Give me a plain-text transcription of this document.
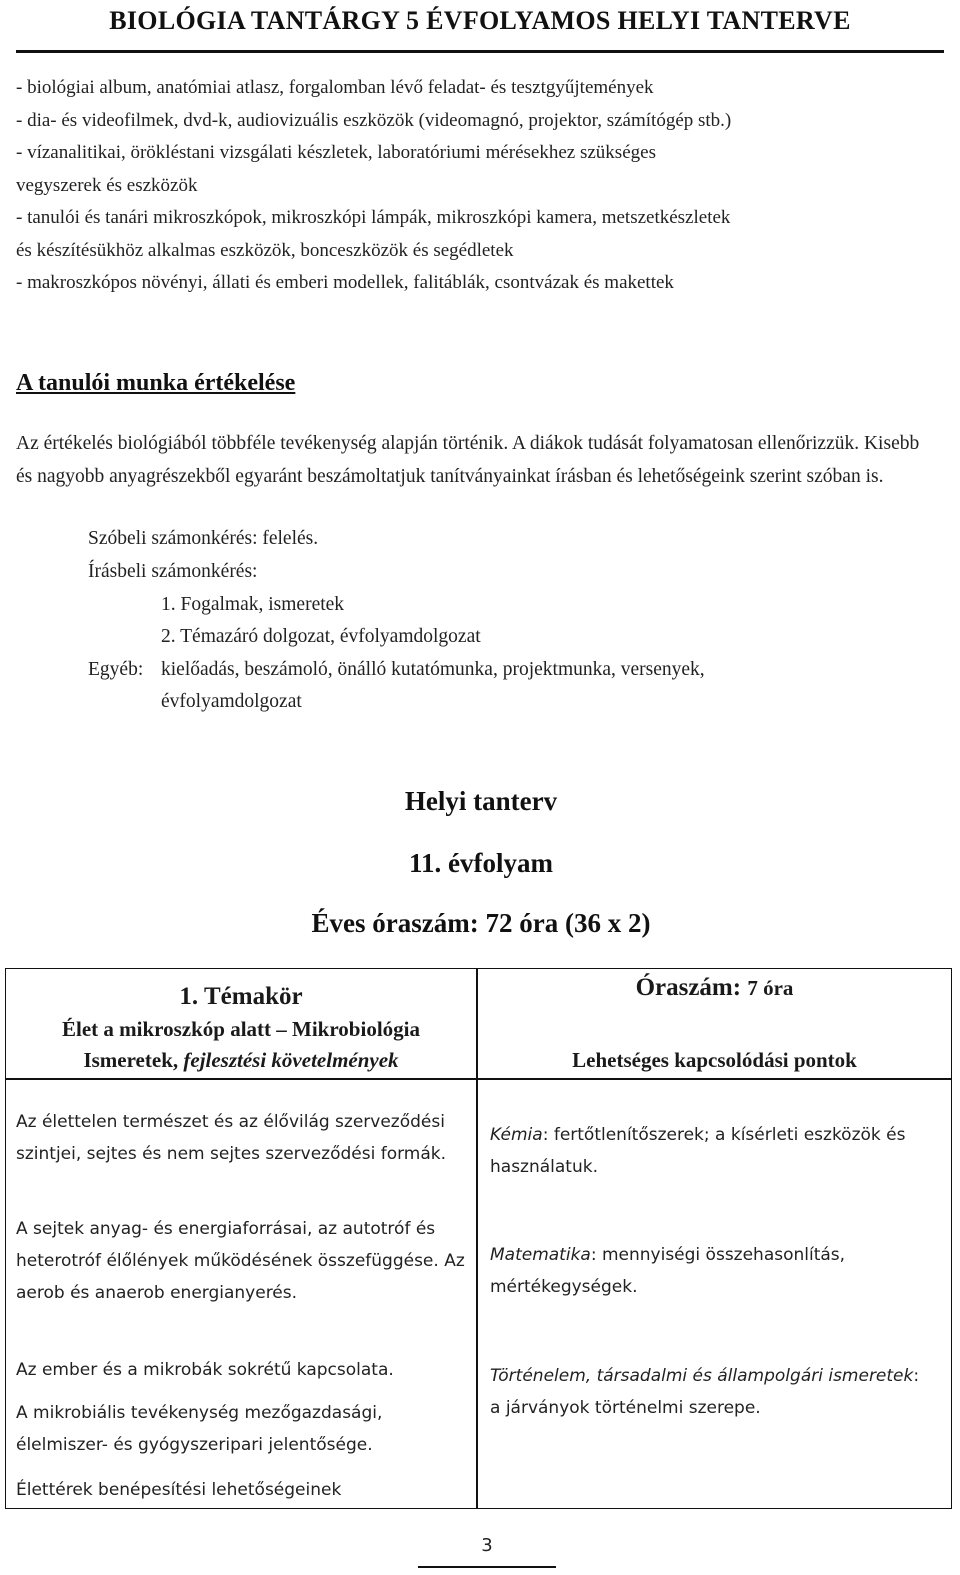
BIOLÓGIA TANTÁRGY 5 ÉVFOLYAMOS HELYI TANTERVE
- biológiai album, anatómiai atlasz, forgalomban lévő feladat- és tesztgyűjtemények
- dia- és videofilmek, dvd-k, audiovizuális eszközök (videomagnó, projektor, számítógép stb.)
- vízanalitikai, örökléstani vizsgálati készletek, laboratóriumi mérésekhez szükséges
vegyszerek és eszközök
- tanulói és tanári mikroszkópok, mikroszkópi lámpák, mikroszkópi kamera, metszetkészletek
és készítésükhöz alkalmas eszközök, bonceszközök és segédletek
- makroszkópos növényi, állati és emberi modellek, falitáblák, csontvázak és makettek
A tanulói munka értékelése
Az értékelés biológiából többféle tevékenység alapján történik. A diákok tudását folyamatosan ellenőrizzük. Kisebb és nagyobb anyagrészekből egyaránt beszámoltatjuk tanítványainkat írásban és lehetőségeink szerint szóban is.
Szóbeli számonkérés: felelés.
Írásbeli számonkérés:
1. Fogalmak, ismeretek
2. Témazáró dolgozat, évfolyamdolgozat
Egyéb: kielőadás, beszámoló, önálló kutatómunka, projektmunka, versenyek,
évfolyamdolgozat
Helyi tanterv
11. évfolyam
Éves óraszám: 72 óra (36 x 2)
1. Témakör
Élet a mikroszkóp alatt – Mikrobiológia
Ismeretek, fejlesztési követelmények
Óraszám: 7 óra
Lehetséges kapcsolódási pontok
Az élettelen természet és az élővilág szerveződési szintjei, sejtes és nem sejtes szerveződési formák.
A sejtek anyag- és energiaforrásai, az autotróf és heterotróf élőlények működésének összefüggése. Az aerob és anaerob energianyerés.
Az ember és a mikrobák sokrétű kapcsolata.
A mikrobiális tevékenység mezőgazdasági, élelmiszer- és gyógyszeripari jelentősége.
Élettérek benépesítési lehetőségeinek
Kémia: fertőtlenítőszerek; a kísérleti eszközök és használatuk.
Matematika: mennyiségi összehasonlítás, mértékegységek.
Történelem, társadalmi és állampolgári ismeretek: a járványok történelmi szerepe.
3
